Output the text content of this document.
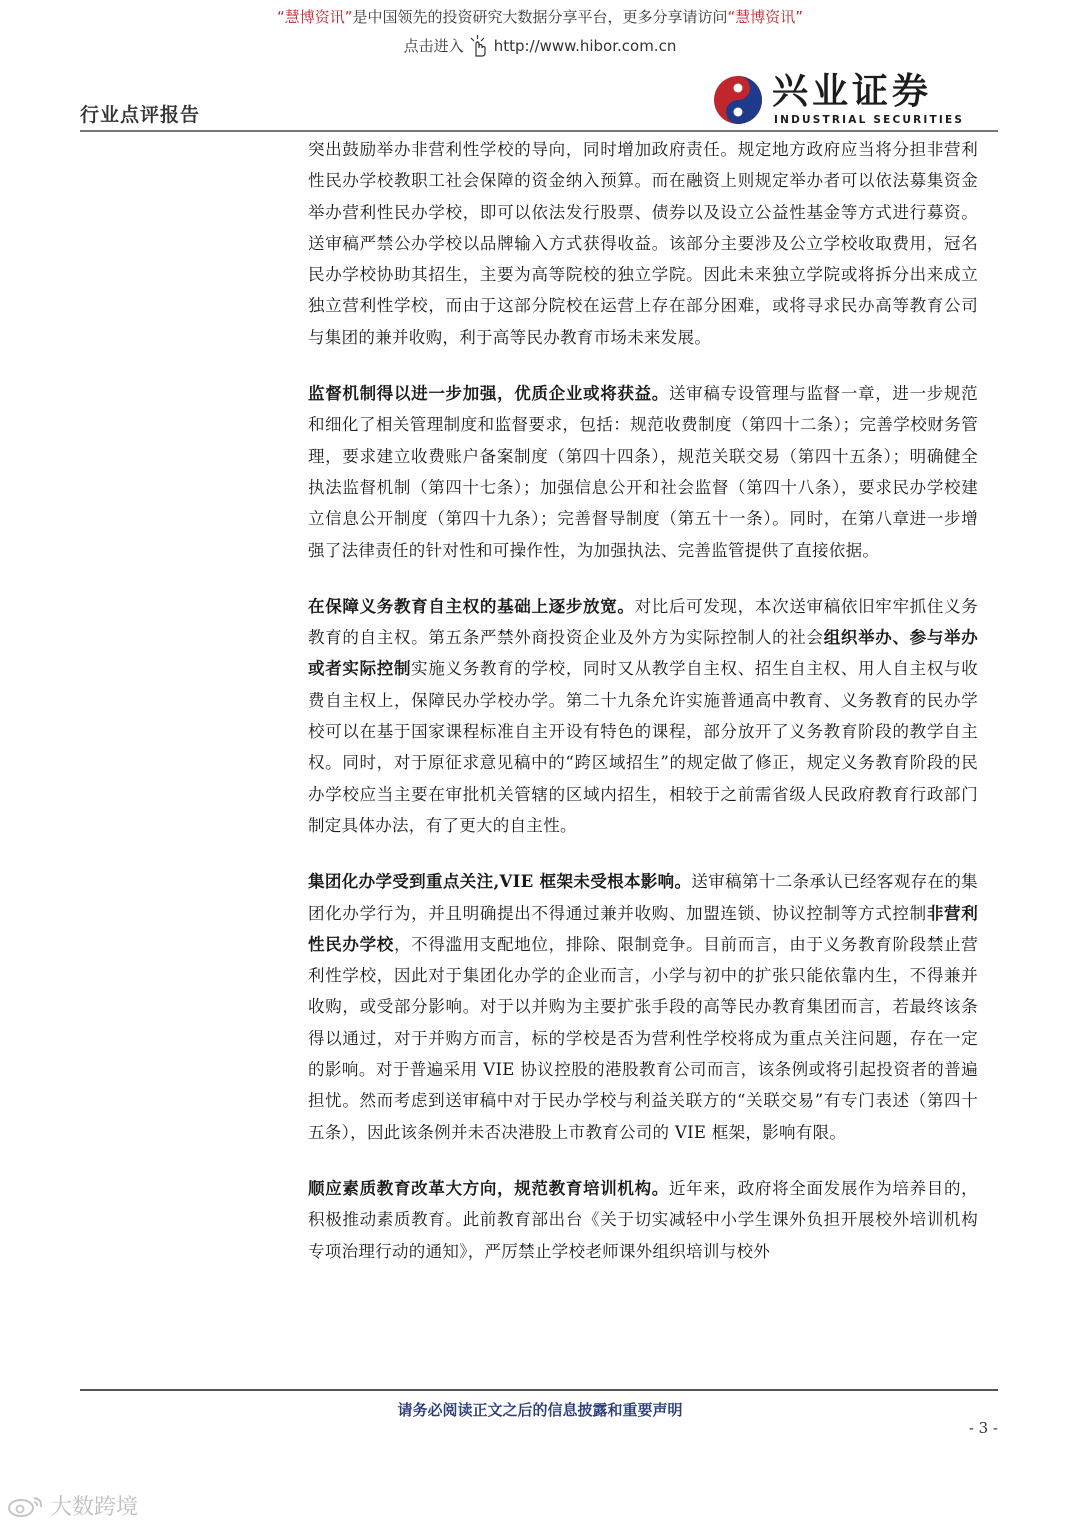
“慧博资讯”是中国领先的投资研究大数据分享平台，更多分享请访问“慧博资讯”
点击进入 http://www.hibor.com.cn
行业点评报告
兴业证券
INDUSTRIAL SECURITIES

突出鼓励举办非营利性学校的导向，同时增加政府责任。规定地方政府应当将分担非营利性民办学校教职工社会保障的资金纳入预算。而在融资上则规定举办者可以依法募集资金举办营利性民办学校，即可以依法发行股票、债券以及设立公益性基金等方式进行募资。送审稿严禁公办学校以品牌输入方式获得收益。该部分主要涉及公立学校收取费用，冠名民办学校协助其招生，主要为高等院校的独立学院。因此未来独立学院或将拆分出来成立独立营利性学校，而由于这部分院校在运营上存在部分困难，或将寻求民办高等教育公司与集团的兼并收购，利于高等民办教育市场未来发展。

监督机制得以进一步加强，优质企业或将获益。送审稿专设管理与监督一章，进一步规范和细化了相关管理制度和监督要求，包括：规范收费制度（第四十二条）；完善学校财务管理，要求建立收费账户备案制度（第四十四条），规范关联交易（第四十五条）；明确健全执法监督机制（第四十七条）；加强信息公开和社会监督（第四十八条），要求民办学校建立信息公开制度（第四十九条）；完善督导制度（第五十一条）。同时，在第八章进一步增强了法律责任的针对性和可操作性，为加强执法、完善监管提供了直接依据。

在保障义务教育自主权的基础上逐步放宽。对比后可发现，本次送审稿依旧牢牢抓住义务教育的自主权。第五条严禁外商投资企业及外方为实际控制人的社会组织举办、参与举办或者实际控制实施义务教育的学校，同时又从教学自主权、招生自主权、用人自主权与收费自主权上，保障民办学校办学。第二十九条允许实施普通高中教育、义务教育的民办学校可以在基于国家课程标准自主开设有特色的课程，部分放开了义务教育阶段的教学自主权。同时，对于原征求意见稿中的“跨区域招生”的规定做了修正，规定义务教育阶段的民办学校应当主要在审批机关管辖的区域内招生，相较于之前需省级人民政府教育行政部门制定具体办法，有了更大的自主性。

集团化办学受到重点关注,VIE 框架未受根本影响。送审稿第十二条承认已经客观存在的集团化办学行为，并且明确提出不得通过兼并收购、加盟连锁、协议控制等方式控制非营利性民办学校，不得滥用支配地位，排除、限制竞争。目前而言，由于义务教育阶段禁止营利性学校，因此对于集团化办学的企业而言，小学与初中的扩张只能依靠内生，不得兼并收购，或受部分影响。对于以并购为主要扩张手段的高等民办教育集团而言，若最终该条得以通过，对于并购方而言，标的学校是否为营利性学校将成为重点关注问题，存在一定的影响。对于普遍采用 VIE 协议控股的港股教育公司而言，该条例或将引起投资者的普遍担忧。然而考虑到送审稿中对于民办学校与利益关联方的“关联交易”有专门表述（第四十五条），因此该条例并未否决港股上市教育公司的 VIE 框架，影响有限。

顺应素质教育改革大方向，规范教育培训机构。近年来，政府将全面发展作为培养目的，积极推动素质教育。此前教育部出台《关于切实减轻中小学生课外负担开展校外培训机构专项治理行动的通知》，严厉禁止学校老师课外组织培训与校外

请务必阅读正文之后的信息披露和重要声明
- 3 -
大数跨境
